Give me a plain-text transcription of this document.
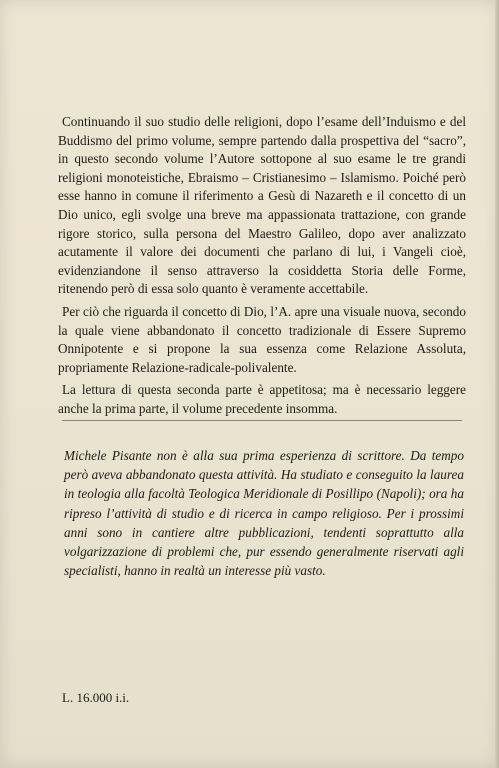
Continuando il suo studio delle religioni, dopo l’esame dell’Induismo e del Buddismo del primo volume, sempre partendo dalla prospettiva del “sacro”, in questo secondo volume l’Autore sottopone al suo esame le tre grandi religioni monoteistiche, Ebraismo – Cristianesimo – Islamismo. Poiché però esse hanno in comune il riferimento a Gesù di Nazareth e il concetto di un Dio unico, egli svolge una breve ma appassionata trattazione, con grande rigore storico, sulla persona del Maestro Galileo, dopo aver analizzato acutamente il valore dei documenti che parlano di lui, i Vangeli cioè, evidenziandone il senso attraverso la cosiddetta Storia delle Forme, ritenendo però di essa solo quanto è veramente accettabile.

Per ciò che riguarda il concetto di Dio, l’A. apre una visuale nuova, secondo la quale viene abbandonato il concetto tradizionale di Essere Supremo Onnipotente e si propone la sua essenza come Relazione Assoluta, propriamente Relazione-radicale-polivalente.

La lettura di questa seconda parte è appetitosa; ma è necessario leggere anche la prima parte, il volume precedente insomma.

Michele Pisante non è alla sua prima esperienza di scrittore. Da tempo però aveva abbandonato questa attività. Ha studiato e conseguito la laurea in teologia alla facoltà Teologica Meridionale di Posillipo (Napoli); ora ha ripreso l’attività di studio e di ricerca in campo religioso. Per i prossimi anni sono in cantiere altre pubblicazioni, tendenti soprattutto alla volgarizzazione di problemi che, pur essendo generalmente riservati agli specialisti, hanno in realtà un interesse più vasto.

L. 16.000 i.i.
